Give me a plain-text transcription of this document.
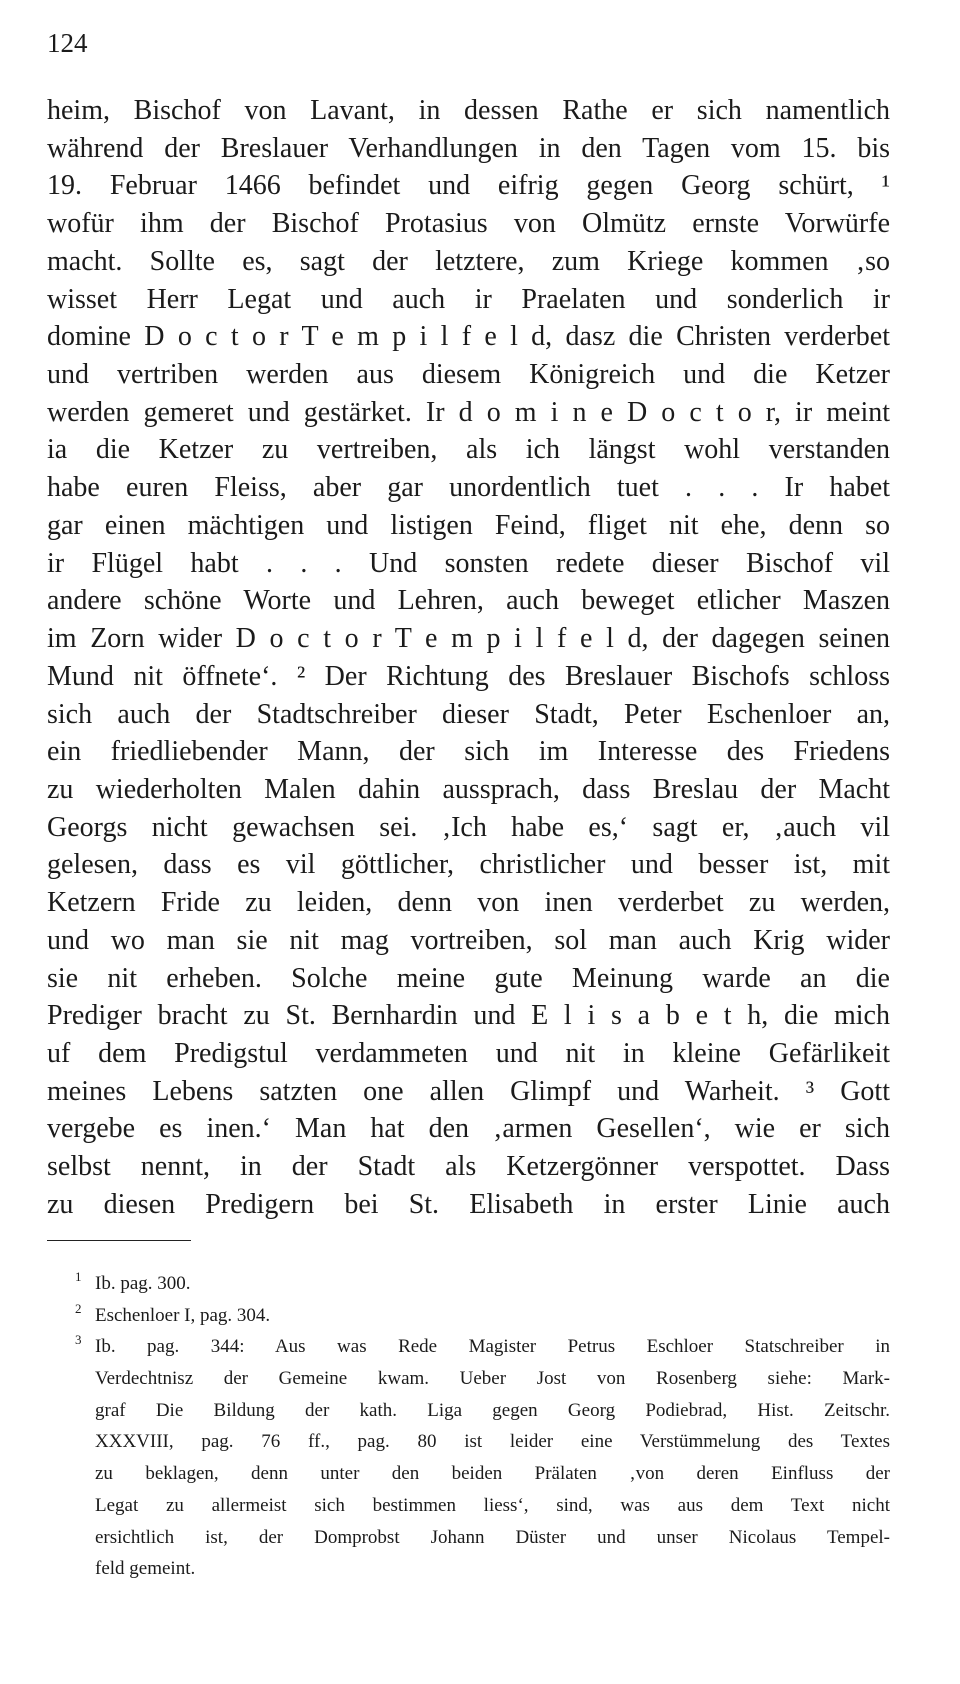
124
heim, Bischof von Lavant, in dessen Rathe er sich namentlich
während der Breslauer Verhandlungen in den Tagen vom 15. bis
19. Februar 1466 befindet und eifrig gegen Georg schürt, ¹
wofür ihm der Bischof Protasius von Olmütz ernste Vorwürfe
macht. Sollte es, sagt der letztere, zum Kriege kommen ‚so
wisset Herr Legat und auch ir Praelaten und sonderlich ir
domine D o c t o r T e m p i l f e l d, dasz die Christen verderbet
und vertriben werden aus diesem Königreich und die Ketzer
werden gemeret und gestärket. Ir d o m i n e D o c t o r, ir meint
ia die Ketzer zu vertreiben, als ich längst wohl verstanden
habe euren Fleiss, aber gar unordentlich tuet . . . Ir habet
gar einen mächtigen und listigen Feind, fliget nit ehe, denn so
ir Flügel habt . . . Und sonsten redete dieser Bischof vil
andere schöne Worte und Lehren, auch beweget etlicher Maszen
im Zorn wider D o c t o r T e m p i l f e l d, der dagegen seinen
Mund nit öffnete‘. ² Der Richtung des Breslauer Bischofs schloss
sich auch der Stadtschreiber dieser Stadt, Peter Eschenloer an,
ein friedliebender Mann, der sich im Interesse des Friedens
zu wiederholten Malen dahin aussprach, dass Breslau der Macht
Georgs nicht gewachsen sei. ‚Ich habe es,‘ sagt er, ‚auch vil
gelesen, dass es vil göttlicher, christlicher und besser ist, mit
Ketzern Fride zu leiden, denn von inen verderbet zu werden,
und wo man sie nit mag vortreiben, sol man auch Krig wider
sie nit erheben. Solche meine gute Meinung warde an die
Prediger bracht zu St. Bernhardin und E l i s a b e t h, die mich
uf dem Predigstul verdammeten und nit in kleine Gefärlikeit
meines Lebens satzten one allen Glimpf und Warheit. ³ Gott
vergebe es inen.‘ Man hat den ‚armen Gesellen‘, wie er sich
selbst nennt, in der Stadt als Ketzergönner verspottet. Dass
zu diesen Predigern bei St. Elisabeth in erster Linie auch
1 Ib. pag. 300.
2 Eschenloer I, pag. 304.
3 Ib. pag. 344: Aus was Rede Magister Petrus Eschloer Statschreiber in
Verdechtnisz der Gemeine kwam. Ueber Jost von Rosenberg siehe: Mark-
graf Die Bildung der kath. Liga gegen Georg Podiebrad, Hist. Zeitschr.
XXXVIII, pag. 76 ff., pag. 80 ist leider eine Verstümmelung des Textes
zu beklagen, denn unter den beiden Prälaten ‚von deren Einfluss der
Legat zu allermeist sich bestimmen liess‘, sind, was aus dem Text nicht
ersichtlich ist, der Domprobst Johann Düster und unser Nicolaus Tempel-
feld gemeint.
